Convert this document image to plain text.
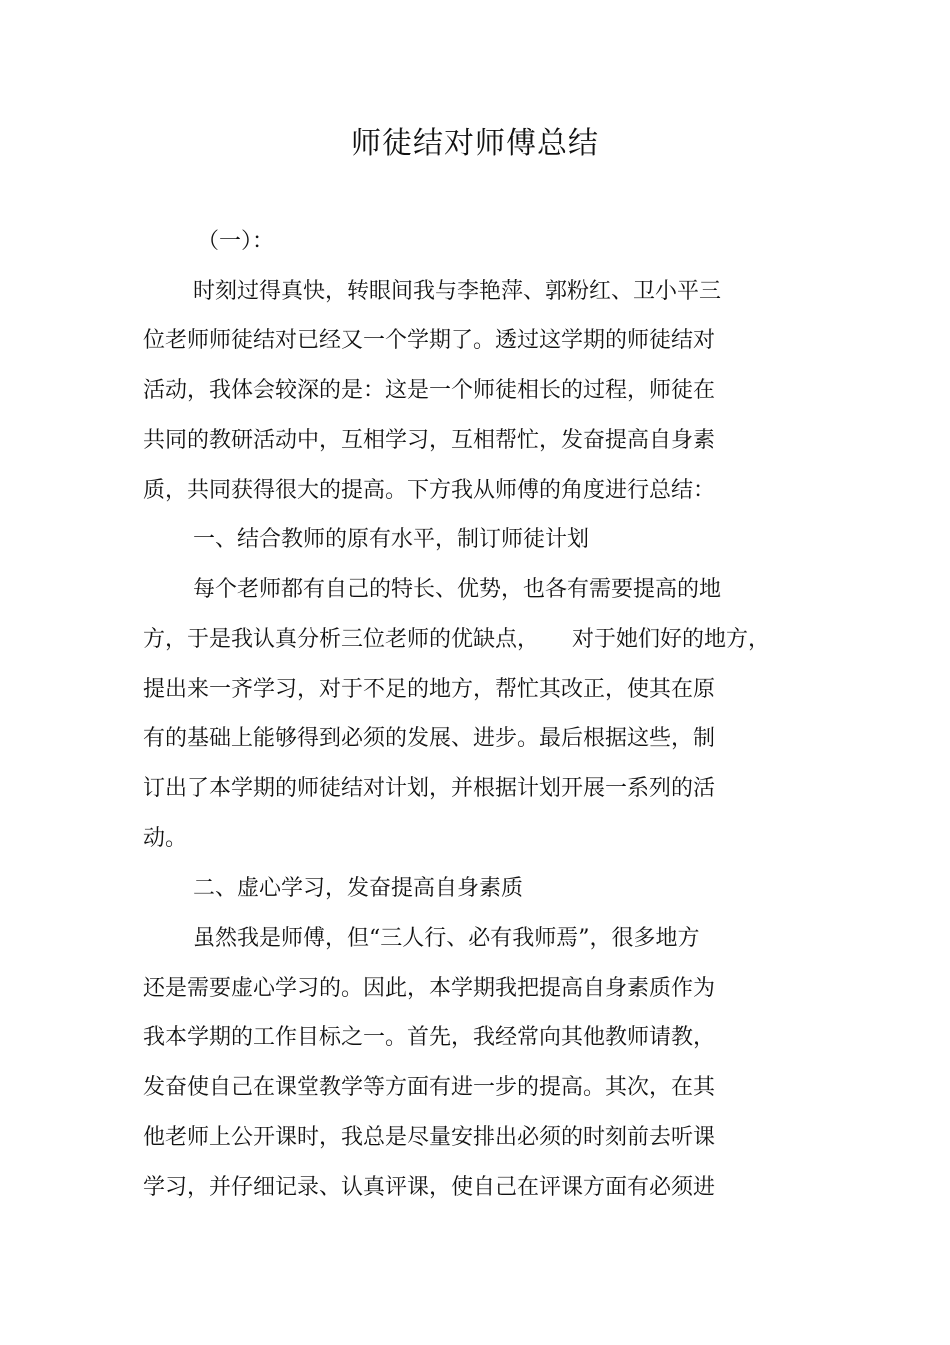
师徒结对师傅总结
（一）：
时刻过得真快，转眼间我与李艳萍、郭粉红、卫小平三
位老师师徒结对已经又一个学期了。透过这学期的师徒结对
活动，我体会较深的是：这是一个师徒相长的过程，师徒在
共同的教研活动中，互相学习，互相帮忙，发奋提高自身素
质，共同获得很大的提高。下方我从师傅的角度进行总结：
一、结合教师的原有水平，制订师徒计划
每个老师都有自己的特长、优势，也各有需要提高的地
方，于是我认真分析三位老师的优缺点，　　对于她们好的地方，
提出来一齐学习，对于不足的地方，帮忙其改正，使其在原
有的基础上能够得到必须的发展、进步。最后根据这些，制
订出了本学期的师徒结对计划，并根据计划开展一系列的活
动。
二、虚心学习，发奋提高自身素质
虽然我是师傅，但“三人行、必有我师焉”，很多地方
还是需要虚心学习的。因此，本学期我把提高自身素质作为
我本学期的工作目标之一。首先，我经常向其他教师请教，
发奋使自己在课堂教学等方面有进一步的提高。其次，在其
他老师上公开课时，我总是尽量安排出必须的时刻前去听课
学习，并仔细记录、认真评课，使自己在评课方面有必须进
